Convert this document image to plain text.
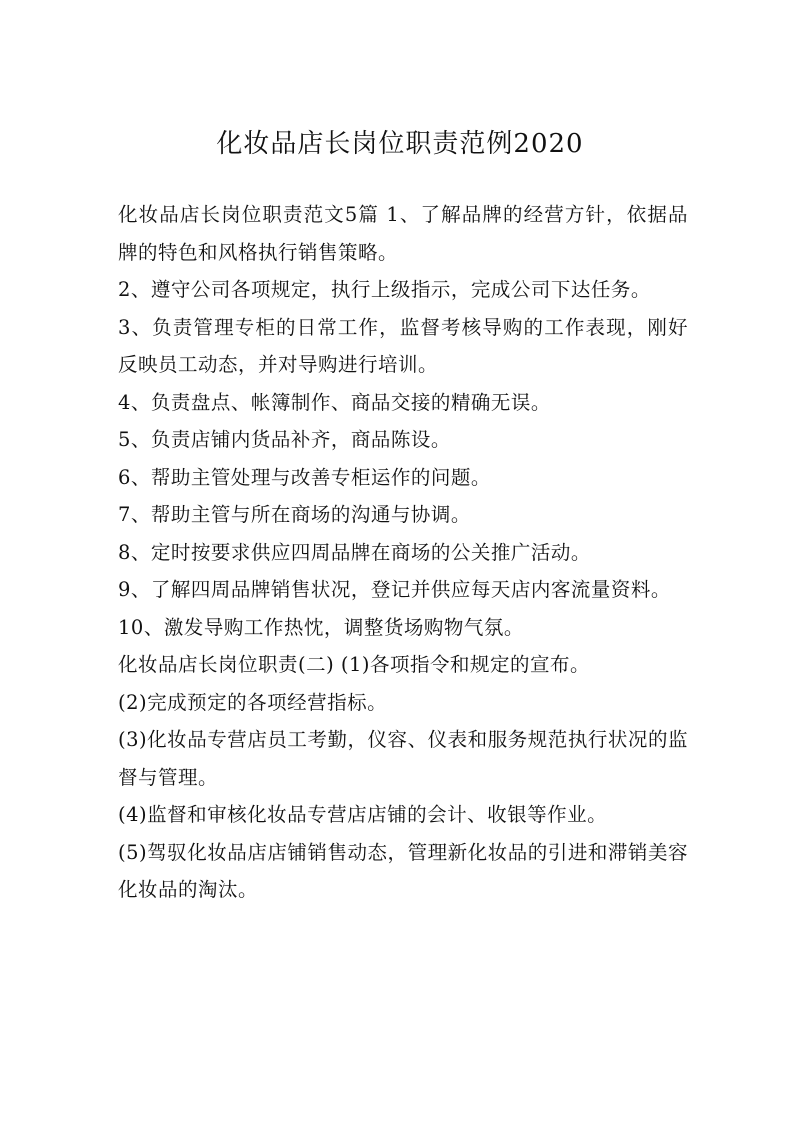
化妆品店长岗位职责范例2020

化妆品店长岗位职责范文5篇 1、了解品牌的经营方针，依据品牌的特色和风格执行销售策略。

2、遵守公司各项规定，执行上级指示，完成公司下达任务。

3、负责管理专柜的日常工作，监督考核导购的工作表现，刚好反映员工动态，并对导购进行培训。

4、负责盘点、帐簿制作、商品交接的精确无误。

5、负责店铺内货品补齐，商品陈设。

6、帮助主管处理与改善专柜运作的问题。

7、帮助主管与所在商场的沟通与协调。

8、定时按要求供应四周品牌在商场的公关推广活动。

9、了解四周品牌销售状况，登记并供应每天店内客流量资料。

10、激发导购工作热忱，调整货场购物气氛。

化妆品店长岗位职责(二) (1)各项指令和规定的宣布。

(2)完成预定的各项经营指标。

(3)化妆品专营店员工考勤，仪容、仪表和服务规范执行状况的监督与管理。

(4)监督和审核化妆品专营店店铺的会计、收银等作业。

(5)驾驭化妆品店店铺销售动态，管理新化妆品的引进和滞销美容化妆品的淘汰。
